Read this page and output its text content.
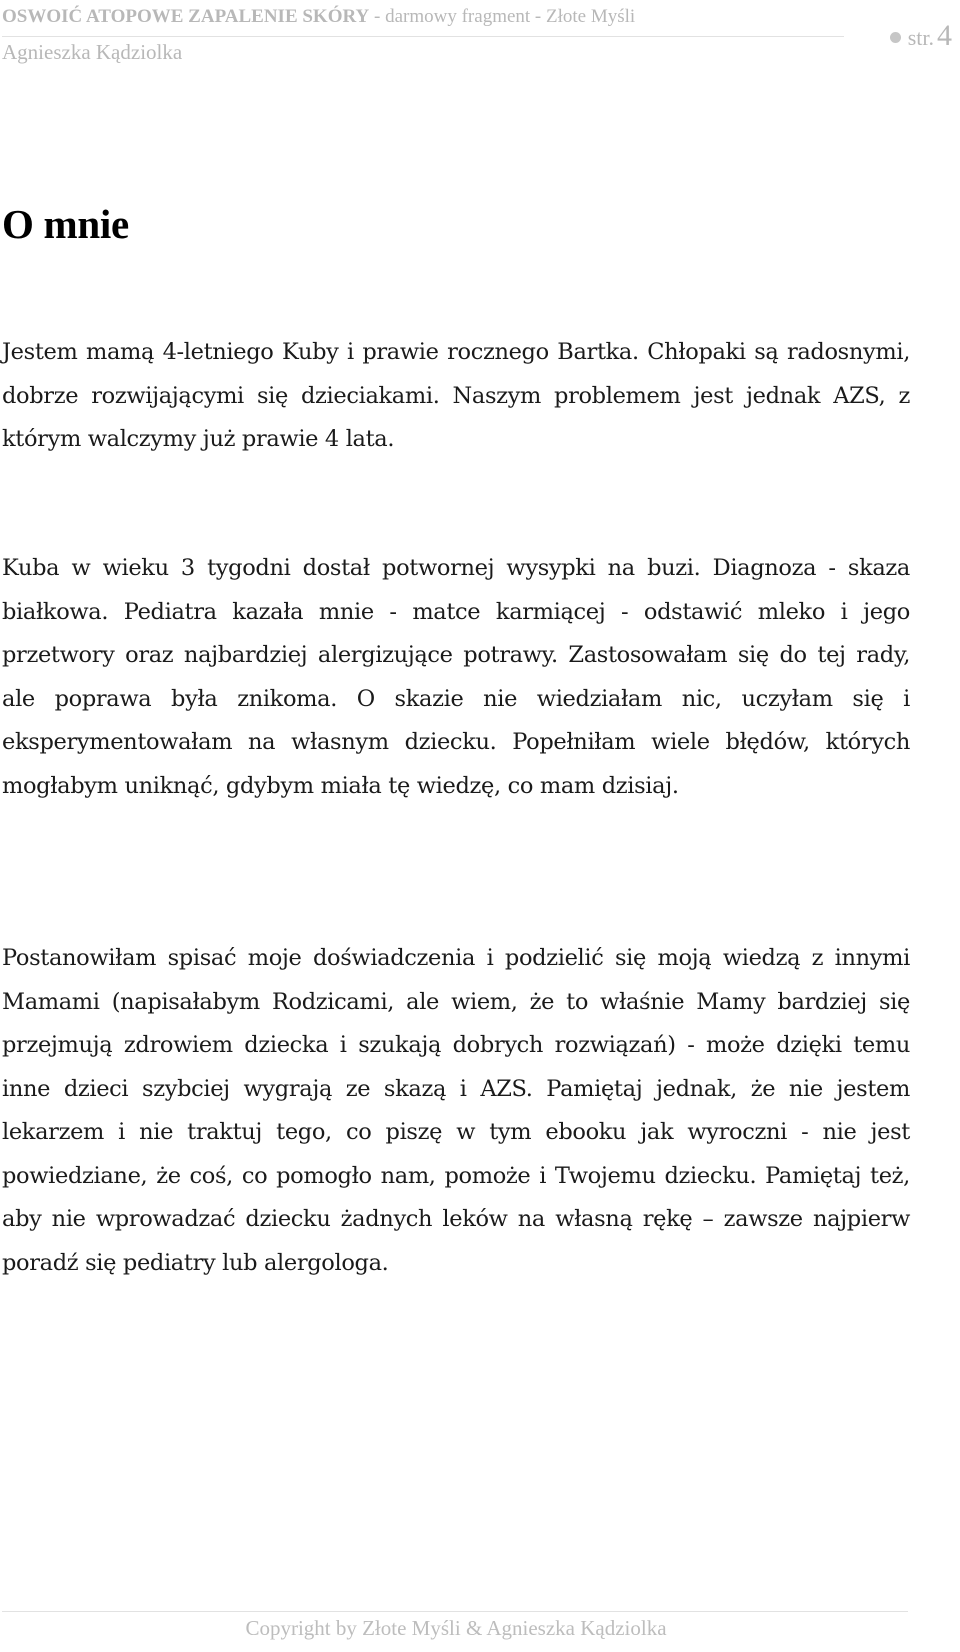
OSWOIĆ ATOPOWE ZAPALENIE SKÓRY - darmowy fragment - Złote Myśli
Agnieszka Kądziolka
str. 4
O mnie

Jestem mamą 4-letniego Kuby i prawie rocznego Bartka. Chłopaki są radosnymi, dobrze rozwijającymi się dzieciakami. Naszym problemem jest jednak AZS, z którym walczymy już prawie 4 lata.

Kuba w wieku 3 tygodni dostał potwornej wysypki na buzi. Diagnoza - skaza białkowa. Pediatra kazała mnie - matce karmiącej - odstawić mleko i jego przetwory oraz najbardziej alergizujące potrawy. Zastosowałam się do tej rady, ale poprawa była znikoma. O skazie nie wiedziałam nic, uczyłam się i eksperymentowałam na własnym dziecku. Popełniłam wiele błędów, których mogłabym uniknąć, gdybym miała tę wiedzę, co mam dzisiaj.

Postanowiłam spisać moje doświadczenia i podzielić się moją wiedzą z innymi Mamami (napisałabym Rodzicami, ale wiem, że to właśnie Mamy bardziej się przejmują zdrowiem dziecka i szukają dobrych rozwiązań) - może dzięki temu inne dzieci szybciej wygrają ze skazą i AZS. Pamiętaj jednak, że nie jestem lekarzem i nie traktuj tego, co piszę w tym ebooku jak wyroczni - nie jest powiedziane, że coś, co pomogło nam, pomoże i Twojemu dziecku. Pamiętaj też, aby nie wprowadzać dziecku żadnych leków na własną rękę – zawsze najpierw poradź się pediatry lub alergologa.

Copyright by Złote Myśli & Agnieszka Kądziolka
